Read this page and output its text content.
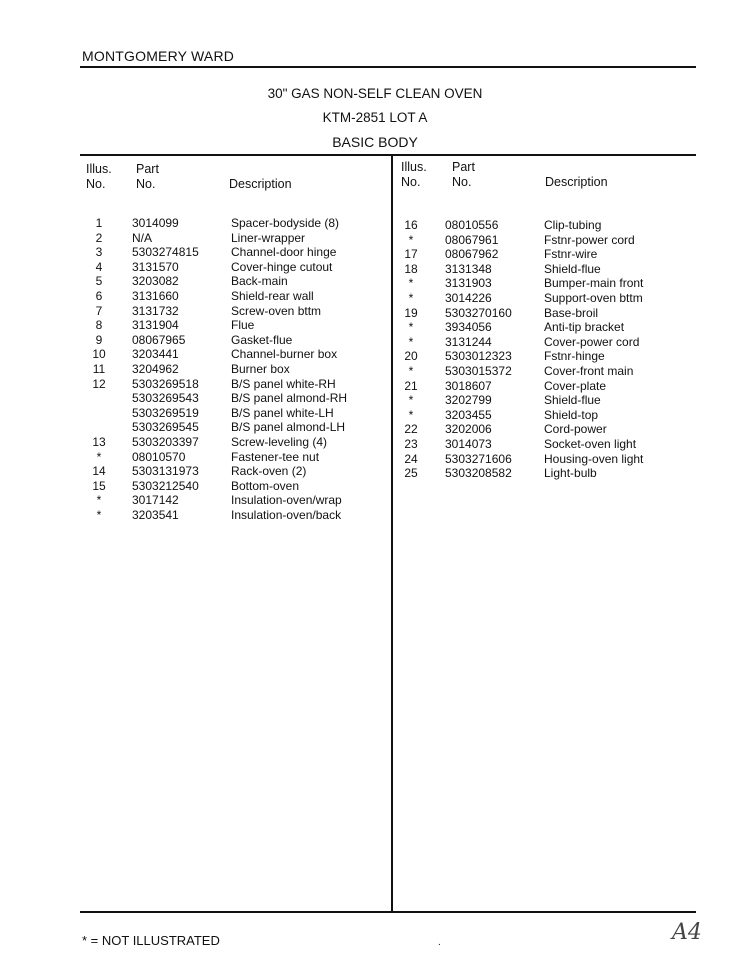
MONTGOMERY WARD
30" GAS NON-SELF CLEAN OVEN
KTM-2851 LOT A
BASIC BODY
Illus.
No.
Part
No.	Description
Illus.
No.
Part
No.	Description
1	3014099	Spacer-bodyside (8)
2	N/A	Liner-wrapper
3	5303274815	Channel-door hinge
4	3131570	Cover-hinge cutout
5	3203082	Back-main
6	3131660	Shield-rear wall
7	3131732	Screw-oven bttm
8	3131904	Flue
9	08067965	Gasket-flue
10	3203441	Channel-burner box
11	3204962	Burner box
12	5303269518	B/S panel white-RH
5303269543	B/S panel almond-RH
5303269519	B/S panel white-LH
5303269545	B/S panel almond-LH
13	5303203397	Screw-leveling (4)
*	08010570	Fastener-tee nut
14	5303131973	Rack-oven (2)
15	5303212540	Bottom-oven
*	3017142	Insulation-oven/wrap
*	3203541	Insulation-oven/back
16	08010556	Clip-tubing
*	08067961	Fstnr-power cord
17	08067962	Fstnr-wire
18	3131348	Shield-flue
*	3131903	Bumper-main front
*	3014226	Support-oven bttm
19	5303270160	Base-broil
*	3934056	Anti-tip bracket
*	3131244	Cover-power cord
20	5303012323	Fstnr-hinge
*	5303015372	Cover-front main
21	3018607	Cover-plate
*	3202799	Shield-flue
*	3203455	Shield-top
22	3202006	Cord-power
23	3014073	Socket-oven light
24	5303271606	Housing-oven light
25	5303208582	Light-bulb
* = NOT ILLUSTRATED	.	A4
